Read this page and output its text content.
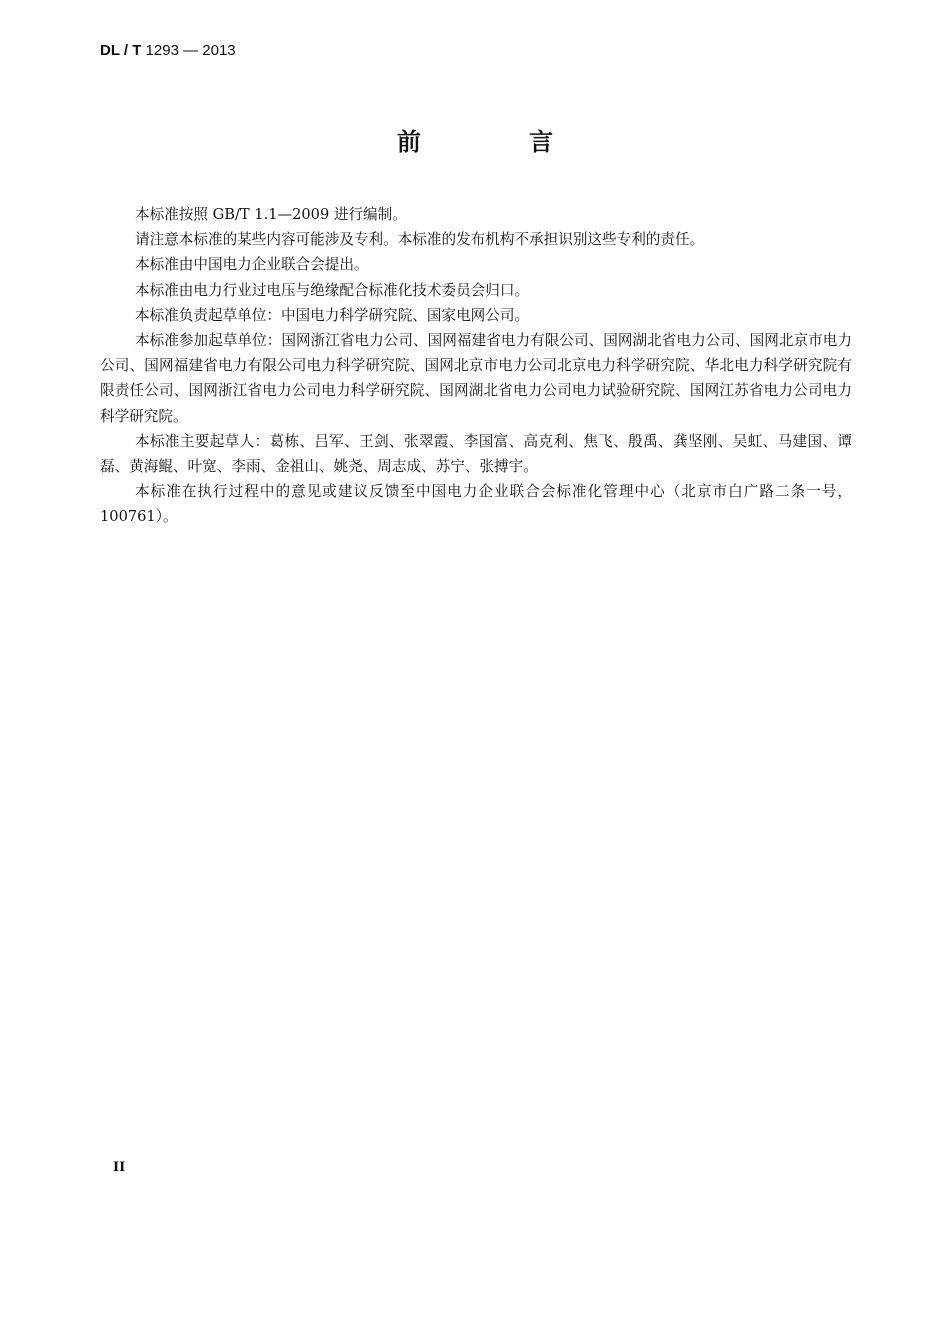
DL / T 1293 — 2013
前 言

本标准按照 GB/T 1.1—2009 进行编制。

请注意本标准的某些内容可能涉及专利。本标准的发布机构不承担识别这些专利的责任。

本标准由中国电力企业联合会提出。

本标准由电力行业过电压与绝缘配合标准化技术委员会归口。

本标准负责起草单位：中国电力科学研究院、国家电网公司。

本标准参加起草单位：国网浙江省电力公司、国网福建省电力有限公司、国网湖北省电力公司、国网北京市电力公司、国网福建省电力有限公司电力科学研究院、国网北京市电力公司北京电力科学研究院、华北电力科学研究院有限责任公司、国网浙江省电力公司电力科学研究院、国网湖北省电力公司电力试验研究院、国网江苏省电力公司电力科学研究院。

本标准主要起草人：葛栋、吕军、王剑、张翠霞、李国富、高克利、焦飞、殷禹、龚坚刚、吴虹、马建国、谭磊、黄海鲲、叶宽、李雨、金祖山、姚尧、周志成、苏宁、张搏宇。

本标准在执行过程中的意见或建议反馈至中国电力企业联合会标准化管理中心（北京市白广路二条一号，100761）。

II
